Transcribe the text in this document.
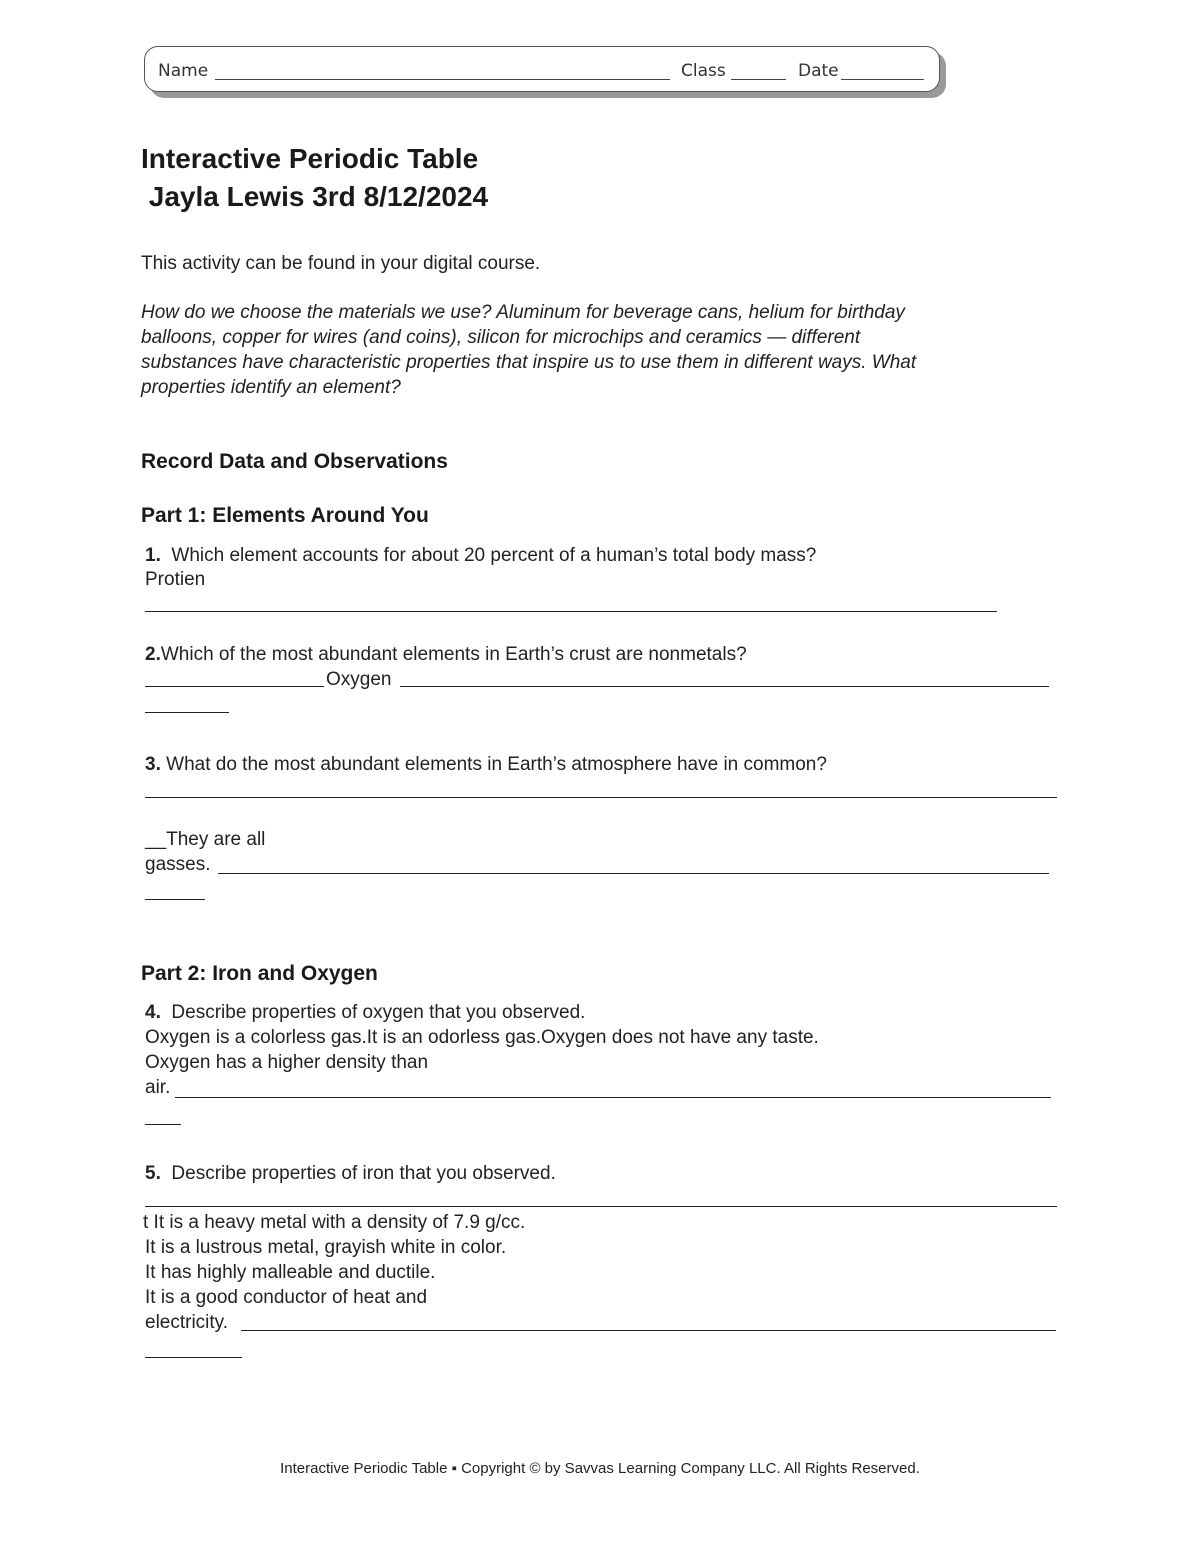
Name	Class	Date

Interactive Periodic Table

Jayla Lewis 3rd 8/12/2024

This activity can be found in your digital course.

How do we choose the materials we use? Aluminum for beverage cans, helium for birthday

balloons, copper for wires (and coins), silicon for microchips and ceramics — different

substances have characteristic properties that inspire us to use them in different ways. What

properties identify an element?

Record Data and Observations

Part 1: Elements Around You

1.  Which element accounts for about 20 percent of a human’s total body mass?

Protien

2.Which of the most abundant elements in Earth’s crust are nonmetals?

Oxygen

3. What do the most abundant elements in Earth’s atmosphere have in common?

__They are all

gasses.

Part 2: Iron and Oxygen

4.  Describe properties of oxygen that you observed.

Oxygen is a colorless gas.It is an odorless gas.Oxygen does not have any taste.

Oxygen has a higher density than

air.

5.  Describe properties of iron that you observed.

t It is a heavy metal with a density of 7.9 g/cc.

It is a lustrous metal, grayish white in color.

It has highly malleable and ductile.

It is a good conductor of heat and

electricity.

Interactive Periodic Table ▪ Copyright © by Savvas Learning Company LLC. All Rights Reserved.
